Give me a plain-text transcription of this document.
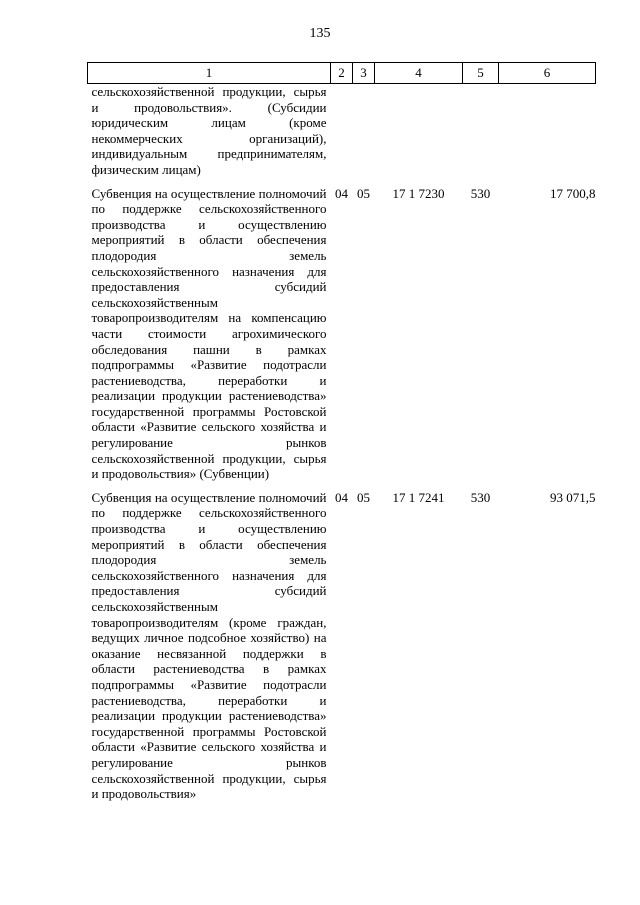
135
1	2	3	4	5	6

сельскохозяйственной продукции, сырья и продовольствия». (Субсидии юридическим лицам (кроме некоммерческих организаций), индивидуальным предпринимателям, физическим лицам)					

Субвенция на осуществление полномочий по поддержке сельскохозяйственного производства и осуществлению мероприятий в области обеспечения плодородия земель сельскохозяйственного назначения для предоставления субсидий сельскохозяйственным товаропроизводителям на компенсацию части стоимости агрохимического обследования пашни в рамках подпрограммы «Развитие подотрасли растениеводства, переработки и реализации продукции растениеводства» государственной программы Ростовской области «Развитие сельского хозяйства и регулирование рынков сельскохозяйственной продукции, сырья и продовольствия» (Субвенции)	04	05	17 1 7230	530	17 700,8

Субвенция на осуществление полномочий по поддержке сельскохозяйственного производства и осуществлению мероприятий в области обеспечения плодородия земель сельскохозяйственного назначения для предоставления субсидий сельскохозяйственным товаропроизводителям (кроме граждан, ведущих личное подсобное хозяйство) на оказание несвязанной поддержки в области растениеводства в рамках подпрограммы «Развитие подотрасли растениеводства, переработки и реализации продукции растениеводства» государственной программы Ростовской области «Развитие сельского хозяйства и регулирование рынков сельскохозяйственной продукции, сырья и продовольствия»	04	05	17 1 7241	530	93 071,5
